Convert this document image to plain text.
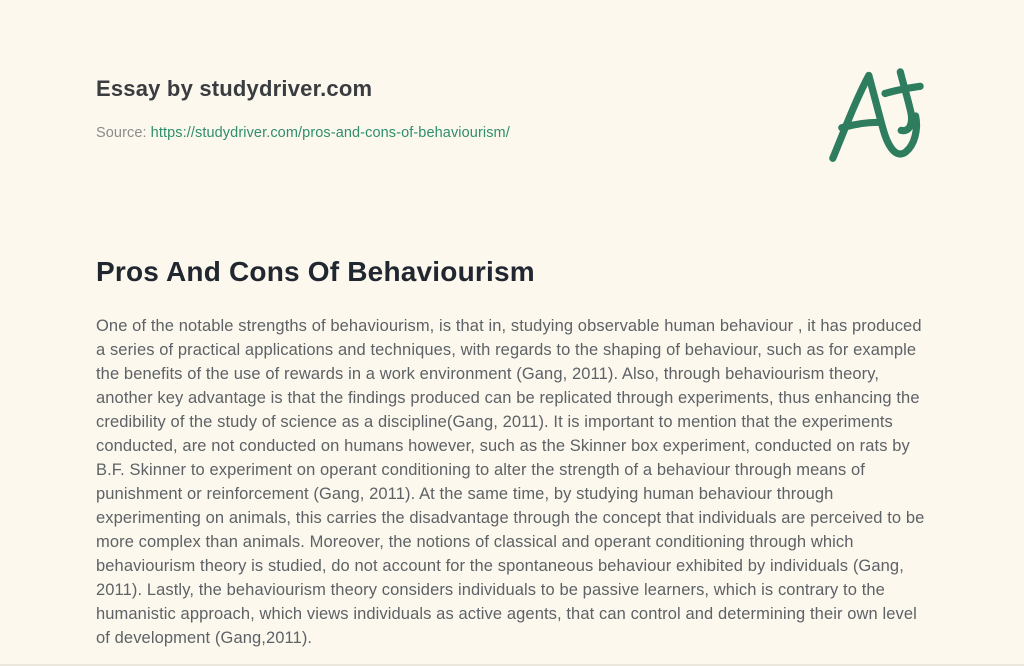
Essay by studydriver.com
Source: https://studydriver.com/pros-and-cons-of-behaviourism/
Pros And Cons Of Behaviourism

One of the notable strengths of behaviourism, is that in, studying observable human behaviour , it has produced a series of practical applications and techniques, with regards to the shaping of behaviour, such as for example the benefits of the use of rewards in a work environment (Gang, 2011). Also, through behaviourism theory, another key advantage is that the findings produced can be replicated through experiments, thus enhancing the credibility of the study of science as a discipline(Gang, 2011). It is important to mention that the experiments conducted, are not conducted on humans however, such as the Skinner box experiment, conducted on rats by B.F. Skinner to experiment on operant conditioning to alter the strength of a behaviour through means of punishment or reinforcement (Gang, 2011). At the same time, by studying human behaviour through experimenting on animals, this carries the disadvantage through the concept that individuals are perceived to be more complex than animals. Moreover, the notions of classical and operant conditioning through which behaviourism theory is studied, do not account for the spontaneous behaviour exhibited by individuals (Gang, 2011). Lastly, the behaviourism theory considers individuals to be passive learners, which is contrary to the humanistic approach, which views individuals as active agents, that can control and determining their own level of development (Gang,2011).
